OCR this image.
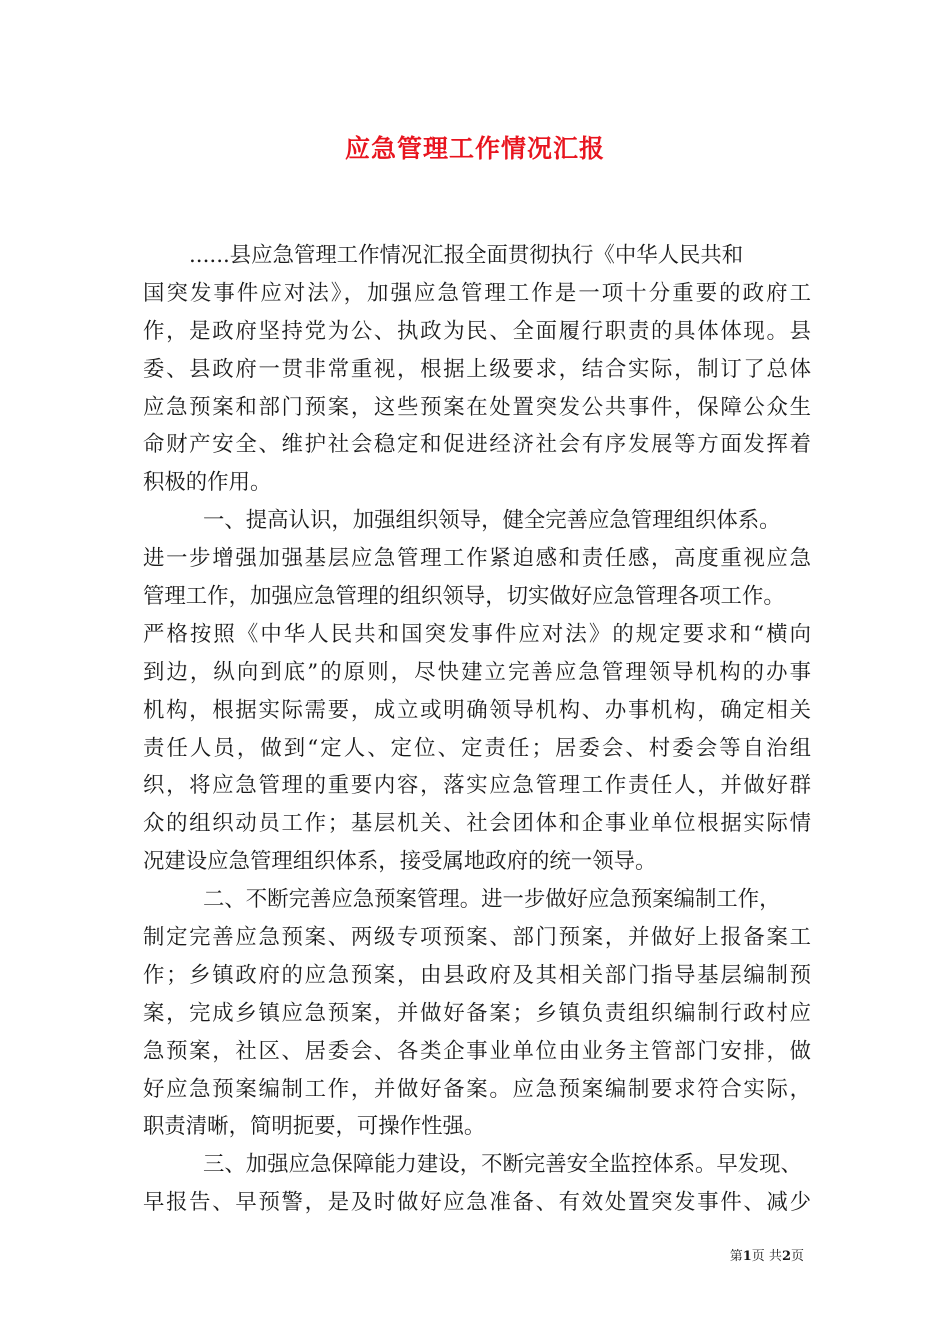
应急管理工作情况汇报
......县应急管理工作情况汇报全面贯彻执行《中华人民共和
国突发事件应对法》，加强应急管理工作是一项十分重要的政府工
作，是政府坚持党为公、执政为民、全面履行职责的具体体现。县
委、县政府一贯非常重视，根据上级要求，结合实际，制订了总体
应急预案和部门预案，这些预案在处置突发公共事件，保障公众生
命财产安全、维护社会稳定和促进经济社会有序发展等方面发挥着
积极的作用。
一、提高认识，加强组织领导，健全完善应急管理组织体系。
进一步增强加强基层应急管理工作紧迫感和责任感，高度重视应急
管理工作，加强应急管理的组织领导，切实做好应急管理各项工作。
严格按照《中华人民共和国突发事件应对法》的规定要求和“横向
到边，纵向到底”的原则，尽快建立完善应急管理领导机构的办事
机构，根据实际需要，成立或明确领导机构、办事机构，确定相关
责任人员，做到“定人、定位、定责任；居委会、村委会等自治组
织，将应急管理的重要内容，落实应急管理工作责任人，并做好群
众的组织动员工作；基层机关、社会团体和企事业单位根据实际情
况建设应急管理组织体系，接受属地政府的统一领导。
二、不断完善应急预案管理。进一步做好应急预案编制工作，
制定完善应急预案、两级专项预案、部门预案，并做好上报备案工
作；乡镇政府的应急预案，由县政府及其相关部门指导基层编制预
案，完成乡镇应急预案，并做好备案；乡镇负责组织编制行政村应
急预案，社区、居委会、各类企事业单位由业务主管部门安排，做
好应急预案编制工作，并做好备案。应急预案编制要求符合实际，
职责清晰，简明扼要，可操作性强。
三、加强应急保障能力建设，不断完善安全监控体系。早发现、
早报告、早预警，是及时做好应急准备、有效处置突发事件、减少
第1页 共2页
